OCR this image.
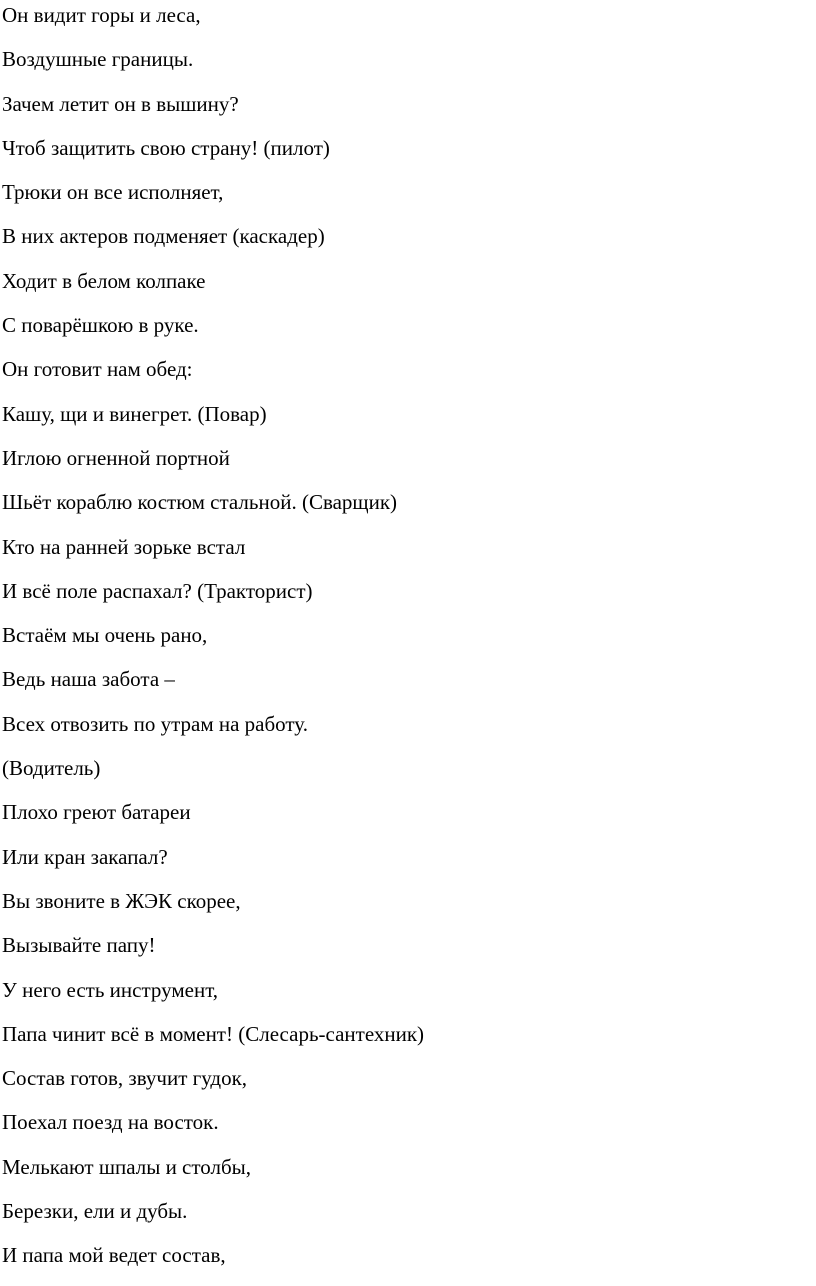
Он видит горы и леса,
Воздушные границы.
Зачем летит он в вышину?
Чтоб защитить свою страну! (пилот)
Трюки он все исполняет,
В них актеров подменяет (каскадер)
Ходит в белом колпаке
С поварёшкою в руке.
Он готовит нам обед:
Кашу, щи и винегрет. (Повар)
Иглою огненной портной
Шьёт кораблю костюм стальной. (Сварщик)
Кто на ранней зорьке встал
И всё поле распахал? (Тракторист)
Встаём мы очень рано,
Ведь наша забота –
Всех отвозить по утрам на работу.
(Водитель)
Плохо греют батареи
Или кран закапал?
Вы звоните в ЖЭК скорее,
Вызывайте папу!
У него есть инструмент,
Папа чинит всё в момент! (Слесарь-сантехник)
Состав готов, звучит гудок,
Поехал поезд на восток.
Мелькают шпалы и столбы,
Березки, ели и дубы.
И папа мой ведет состав,
